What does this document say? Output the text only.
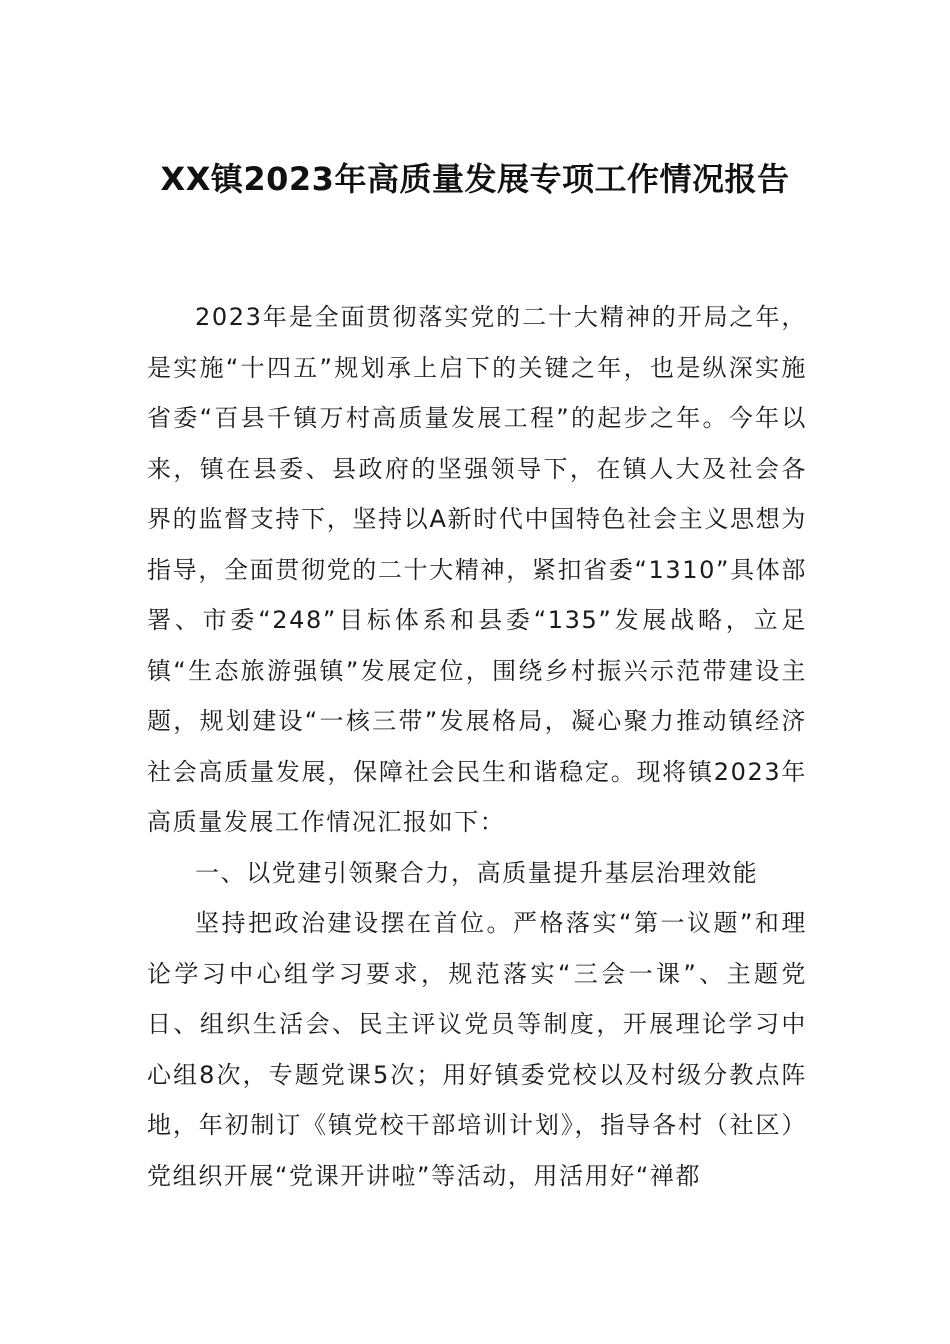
XX镇2023年高质量发展专项工作情况报告

2023年是全面贯彻落实党的二十大精神的开局之年，是实施“十四五”规划承上启下的关键之年，也是纵深实施省委“百县千镇万村高质量发展工程”的起步之年。今年以来，镇在县委、县政府的坚强领导下，在镇人大及社会各界的监督支持下，坚持以A新时代中国特色社会主义思想为指导，全面贯彻党的二十大精神，紧扣省委“1310”具体部署、市委“248”目标体系和县委“135”发展战略，立足镇“生态旅游强镇”发展定位，围绕乡村振兴示范带建设主题，规划建设“一核三带”发展格局，凝心聚力推动镇经济社会高质量发展，保障社会民生和谐稳定。现将镇2023年高质量发展工作情况汇报如下：

一、以党建引领聚合力，高质量提升基层治理效能

坚持把政治建设摆在首位。严格落实“第一议题”和理论学习中心组学习要求，规范落实“三会一课”、主题党日、组织生活会、民主评议党员等制度，开展理论学习中心组8次，专题党课5次；用好镇委党校以及村级分教点阵地，年初制订《镇党校干部培训计划》，指导各村（社区）党组织开展“党课开讲啦”等活动，用活用好“禅都
